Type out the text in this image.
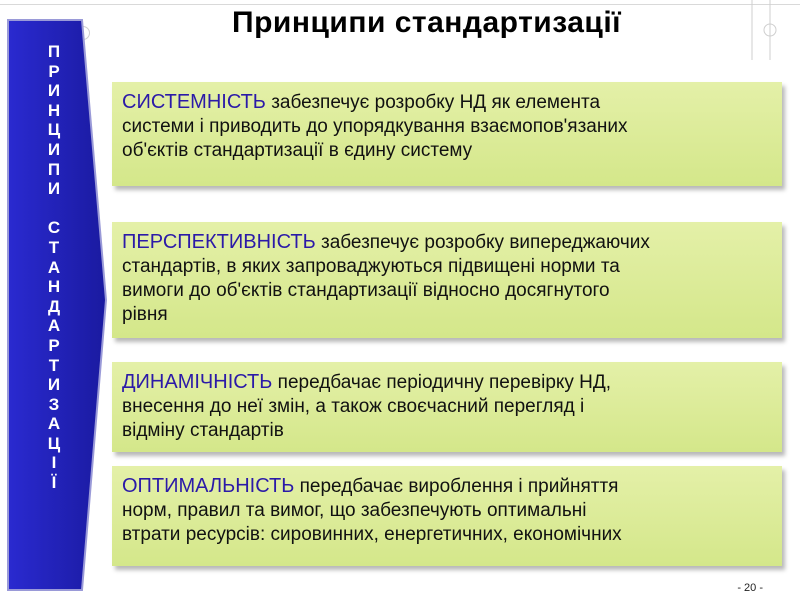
Принципи стандартизації
П
Р
И
Н
Ц
И
П
И
С
Т
А
Н
Д
А
Р
Т
И
З
А
Ц
І
Ї
СИСТЕМНІСТЬ забезпечує розробку НД як елемента
системи і приводить до упорядкування взаємопов'язаних
об'єктів стандартизації в єдину систему
ПЕРСПЕКТИВНІСТЬ забезпечує розробку випереджаючих
стандартів, в яких запроваджуються підвищені норми та
вимоги до об'єктів стандартизації відносно досягнутого
рівня
ДИНАМІЧНІСТЬ передбачає періодичну перевірку НД,
внесення до неї змін, а також своєчасний перегляд і
відміну стандартів
ОПТИМАЛЬНІСТЬ передбачає вироблення і прийняття
норм, правил та вимог, що забезпечують оптимальні
втрати ресурсів: сировинних, енергетичних, економічних
- 20 -
